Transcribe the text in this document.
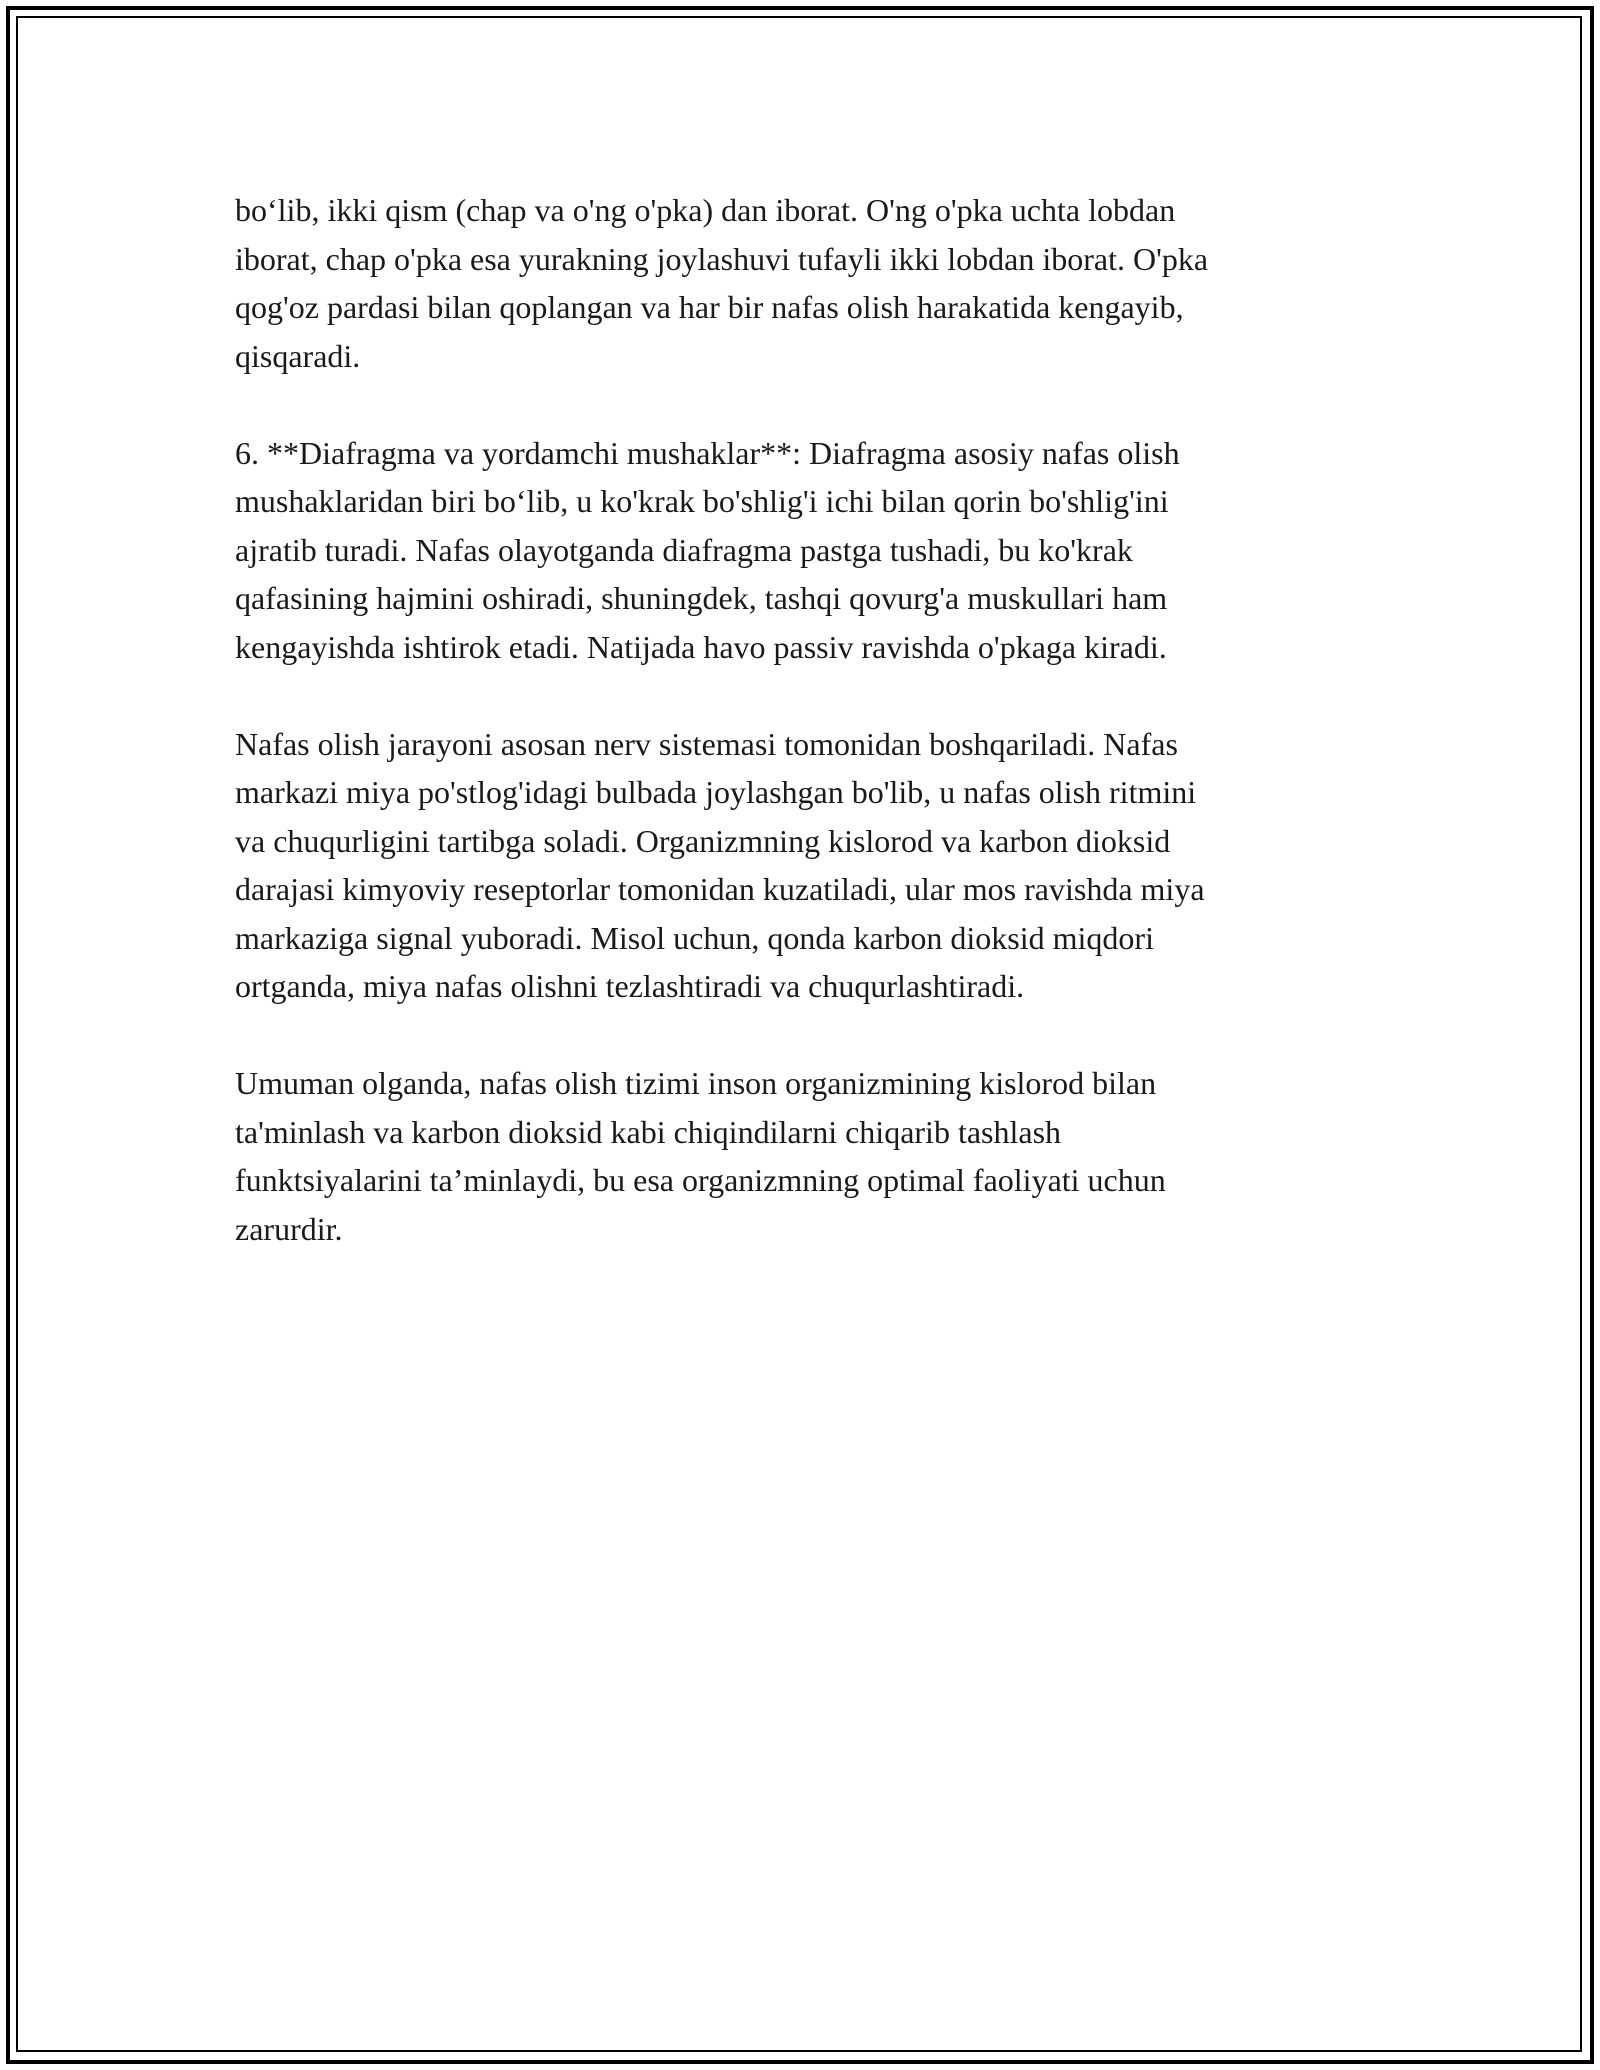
bo‘lib, ikki qism (chap va o'ng o'pka) dan iborat. O'ng o'pka uchta lobdan
iborat, chap o'pka esa yurakning joylashuvi tufayli ikki lobdan iborat. O'pka
qog'oz pardasi bilan qoplangan va har bir nafas olish harakatida kengayib,
qisqaradi.

6. **Diafragma va yordamchi mushaklar**: Diafragma asosiy nafas olish
mushaklaridan biri bo‘lib, u ko'krak bo'shlig'i ichi bilan qorin bo'shlig'ini
ajratib turadi. Nafas olayotganda diafragma pastga tushadi, bu ko'krak
qafasining hajmini oshiradi, shuningdek, tashqi qovurg'a muskullari ham
kengayishda ishtirok etadi. Natijada havo passiv ravishda o'pkaga kiradi.

Nafas olish jarayoni asosan nerv sistemasi tomonidan boshqariladi. Nafas
markazi miya po'stlog'idagi bulbada joylashgan bo'lib, u nafas olish ritmini
va chuqurligini tartibga soladi. Organizmning kislorod va karbon dioksid
darajasi kimyoviy reseptorlar tomonidan kuzatiladi, ular mos ravishda miya
markaziga signal yuboradi. Misol uchun, qonda karbon dioksid miqdori
ortganda, miya nafas olishni tezlashtiradi va chuqurlashtiradi.

Umuman olganda, nafas olish tizimi inson organizmining kislorod bilan
ta'minlash va karbon dioksid kabi chiqindilarni chiqarib tashlash
funktsiyalarini ta’minlaydi, bu esa organizmning optimal faoliyati uchun
zarurdir.
